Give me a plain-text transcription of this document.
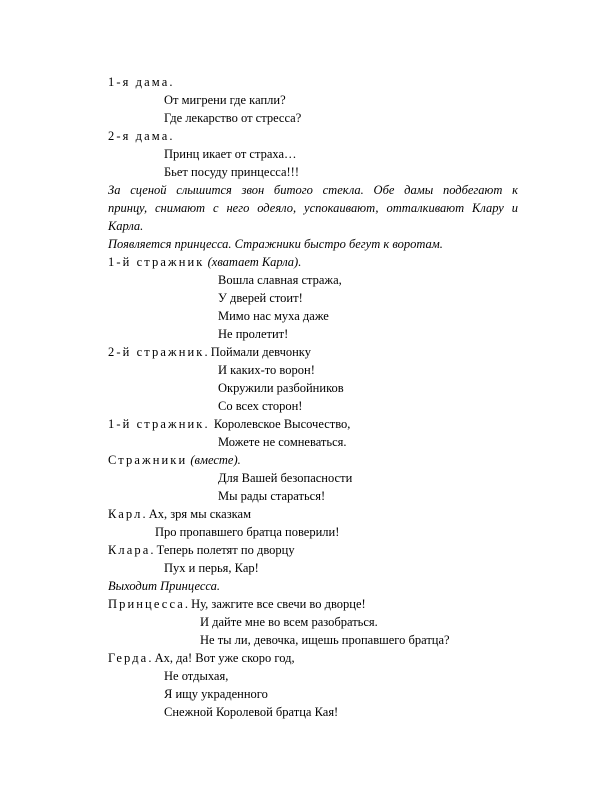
1-я дама.
От мигрени где капли?
Где лекарство от стресса?
2-я дама.
Принц икает от страха…
Бьет посуду принцесса!!!
За сценой слышится звон битого стекла. Обе дамы подбегают к
принцу, снимают с него одеяло, успокаивают, отталкивают Клару и
Карла.
Появляется принцесса. Стражники быстро бегут к воротам.
1-й стражник (хватает Карла).
Вошла славная стража,
У дверей стоит!
Мимо нас муха даже
Не пролетит!
2-й стражник. Поймали девчонку
И каких-то ворон!
Окружили разбойников
Со всех сторон!
1-й стражник.  Королевское Высочество,
Можете не сомневаться.
Стражники (вместе).
Для Вашей безопасности
Мы рады стараться!
Карл. Ах, зря мы сказкам
Про пропавшего братца поверили!
Клара. Теперь полетят по дворцу
Пух и перья, Кар!
Выходит Принцесса.
Принцесса. Ну, зажгите все свечи во дворце!
И дайте мне во всем разобраться.
Не ты ли, девочка, ищешь пропавшего братца?
Герда. Ах, да! Вот уже скоро год,
Не отдыхая,
Я ищу украденного
Снежной Королевой братца Кая!
